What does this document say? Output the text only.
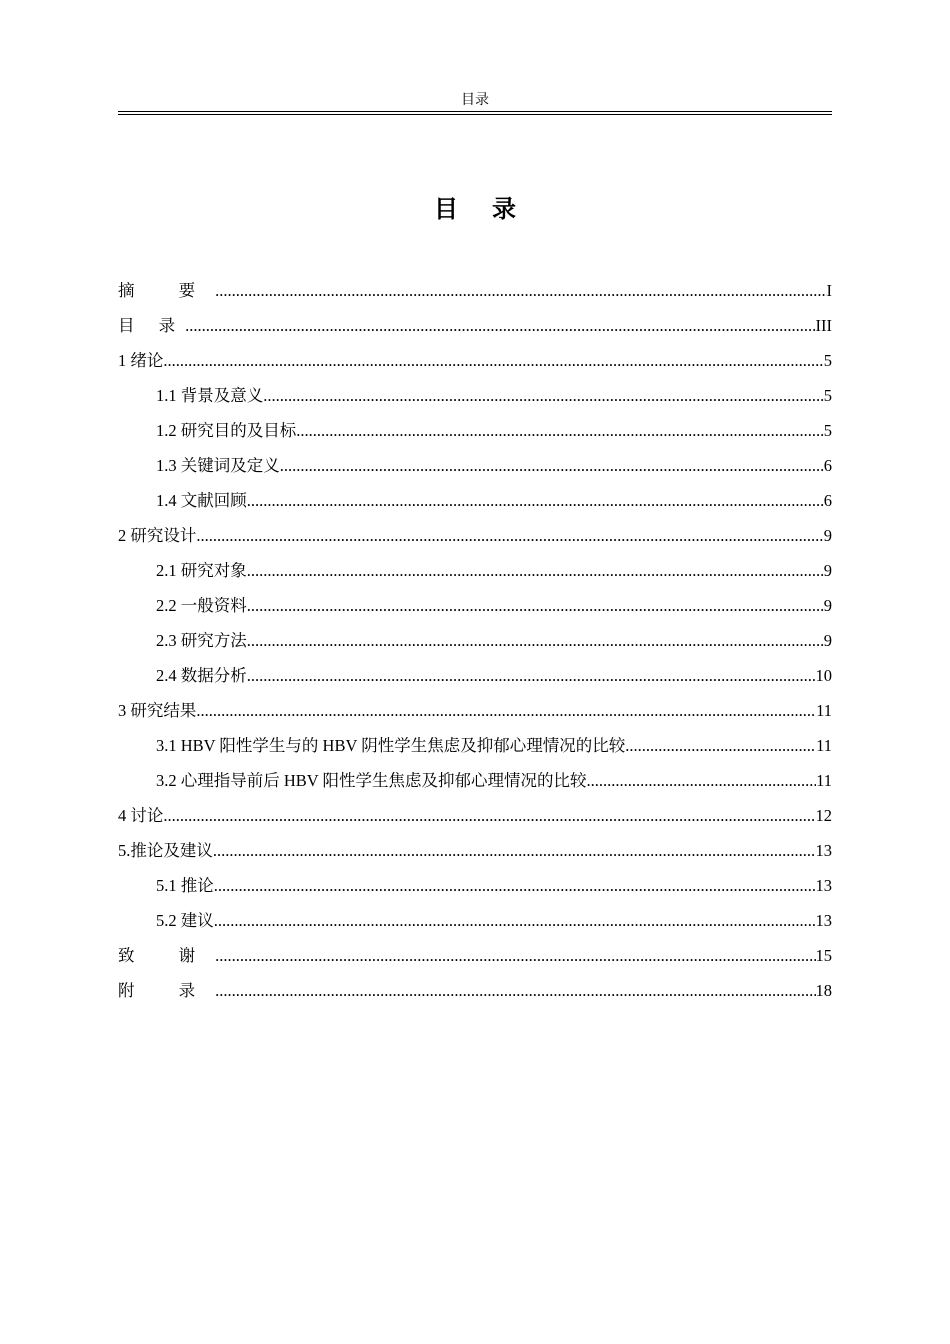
目录
目 录
摘 要 .....	I
目 录 .....	III
1 绪论 .....	5
1.1 背景及意义 .....	5
1.2 研究目的及目标 .....	5
1.3 关键词及定义 .....	6
1.4 文献回顾 .....	6
2 研究设计 .....	9
2.1 研究对象 .....	9
2.2 一般资料 .....	9
2.3 研究方法 .....	9
2.4 数据分析 .....	10
3 研究结果 .....	11
3.1 HBV 阳性学生与的 HBV 阴性学生焦虑及抑郁心理情况的比较 .....	11
3.2 心理指导前后 HBV 阳性学生焦虑及抑郁心理情况的比较 .....	11
4 讨论 .....	12
5.推论及建议 .....	13
5.1 推论 .....	13
5.2 建议 .....	13
致 谢 .....	15
附 录 .....	18
